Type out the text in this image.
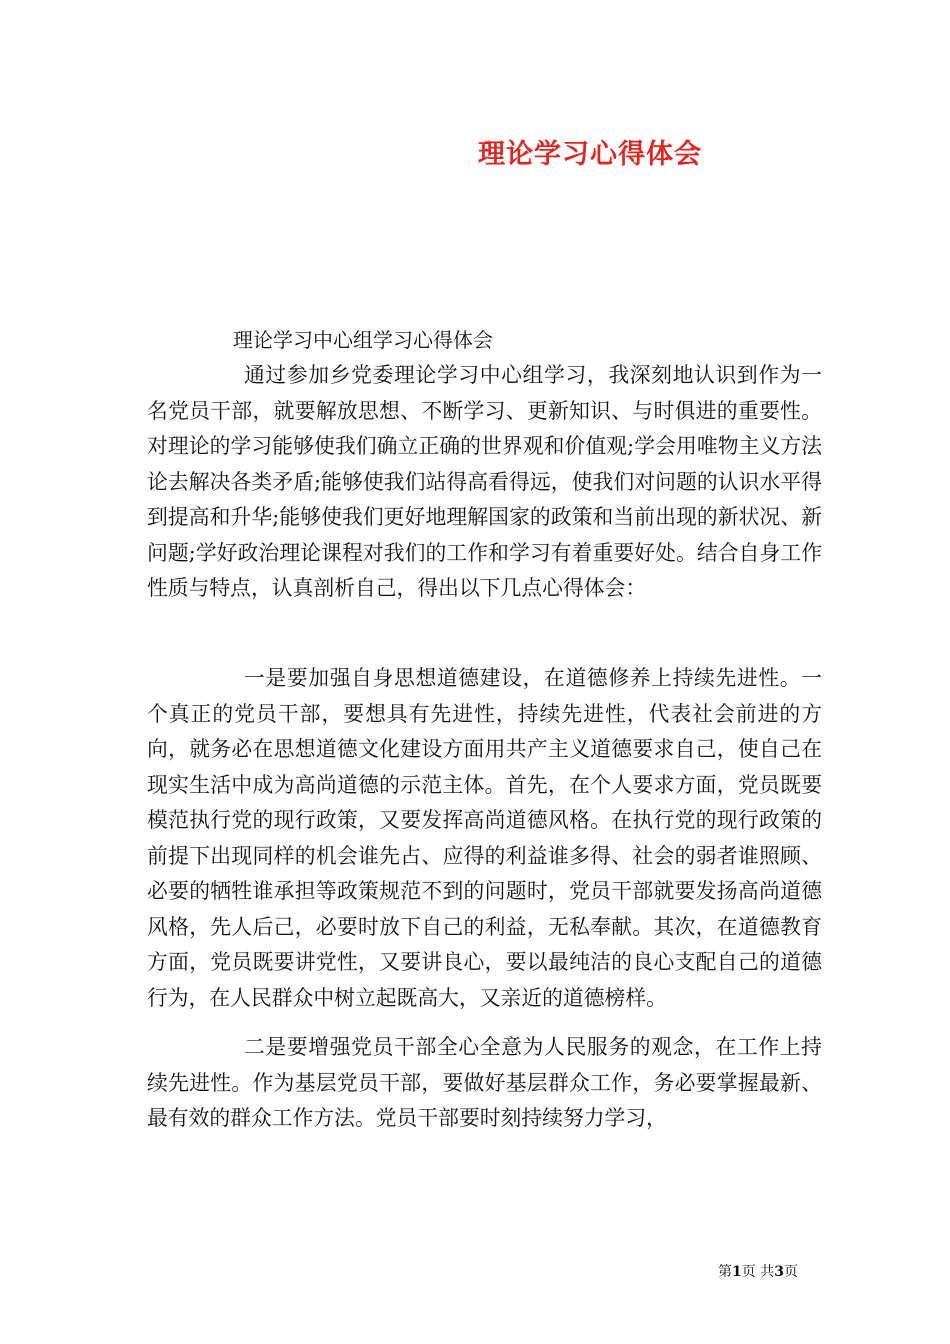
理论学习心得体会
理论学习中心组学习心得体会
通过参加乡党委理论学习中心组学习，我深刻地认识到作为一名党员干部，就要解放思想、不断学习、更新知识、与时俱进的重要性。对理论的学习能够使我们确立正确的世界观和价值观;学会用唯物主义方法论去解决各类矛盾;能够使我们站得高看得远，使我们对问题的认识水平得到提高和升华;能够使我们更好地理解国家的政策和当前出现的新状况、新问题;学好政治理论课程对我们的工作和学习有着重要好处。结合自身工作性质与特点，认真剖析自己，得出以下几点心得体会：
一是要加强自身思想道德建设，在道德修养上持续先进性。一个真正的党员干部，要想具有先进性，持续先进性，代表社会前进的方向，就务必在思想道德文化建设方面用共产主义道德要求自己，使自己在现实生活中成为高尚道德的示范主体。首先，在个人要求方面，党员既要模范执行党的现行政策，又要发挥高尚道德风格。在执行党的现行政策的前提下出现同样的机会谁先占、应得的利益谁多得、社会的弱者谁照顾、必要的牺牲谁承担等政策规范不到的问题时，党员干部就要发扬高尚道德风格，先人后己，必要时放下自己的利益，无私奉献。其次，在道德教育方面，党员既要讲党性，又要讲良心，要以最纯洁的良心支配自己的道德行为，在人民群众中树立起既高大，又亲近的道德榜样。
二是要增强党员干部全心全意为人民服务的观念，在工作上持续先进性。作为基层党员干部，要做好基层群众工作，务必要掌握最新、最有效的群众工作方法。党员干部要时刻持续努力学习，
第1页 共3页
